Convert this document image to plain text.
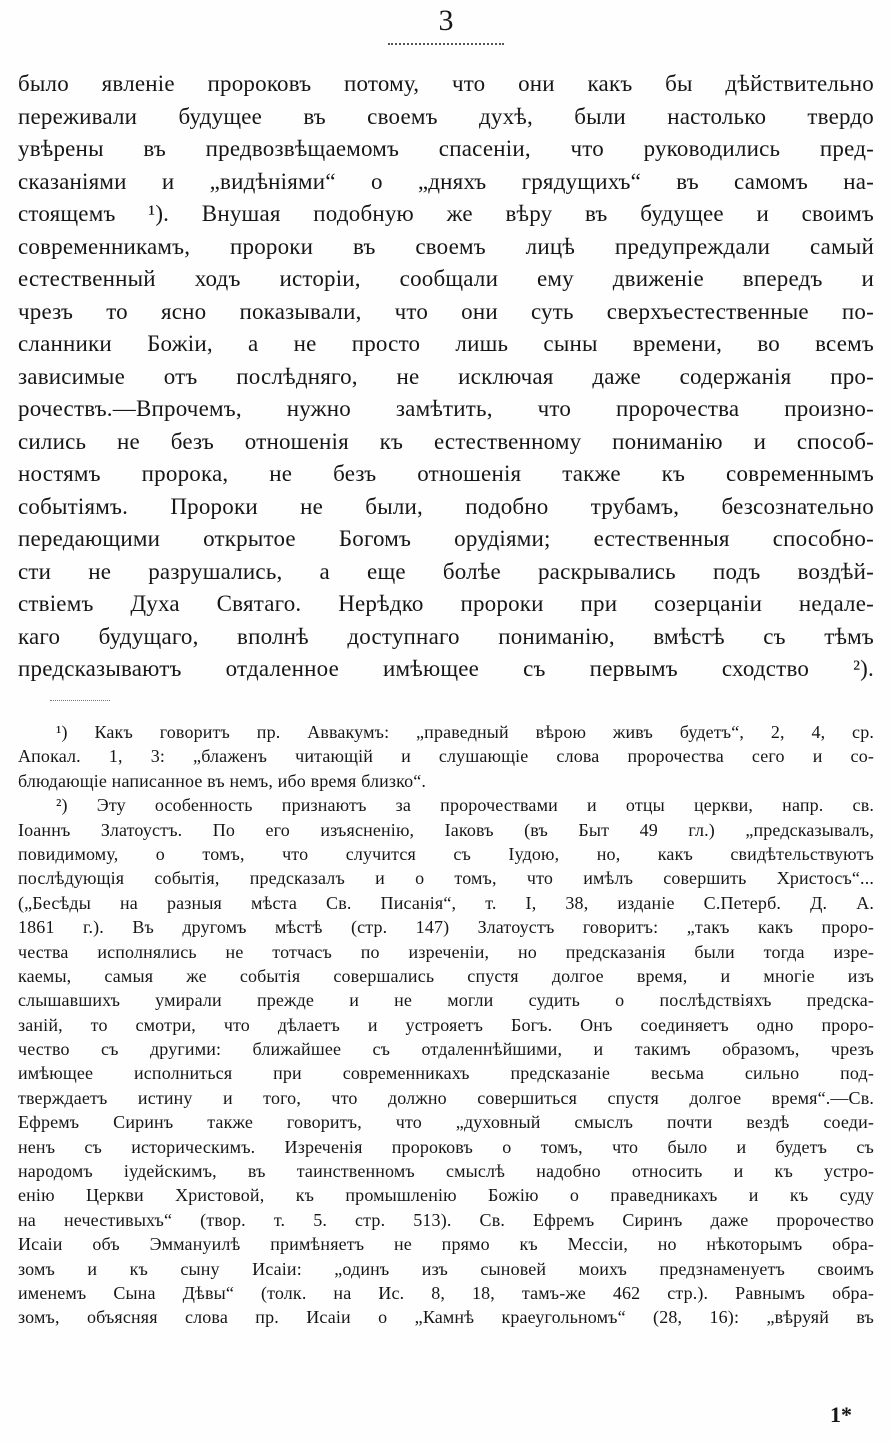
3
было явленіе пророковъ потому, что они какъ бы дѣйствительно
переживали будущее въ своемъ духѣ, были настолько твердо
увѣрены въ предвозвѣщаемомъ спасеніи, что руководились пред-
сказаніями и „видѣніями“ о „дняхъ грядущихъ“ въ самомъ на-
стоящемъ ¹). Внушая подобную же вѣру въ будущее и своимъ
современникамъ, пророки въ своемъ лицѣ предупреждали самый
естественный ходъ исторіи, сообщали ему движеніе впередъ и
чрезъ то ясно показывали, что они суть сверхъестественные по-
сланники Божіи, а не просто лишь сыны времени, во всемъ
зависимые отъ послѣдняго, не исключая даже содержанія про-
рочествъ.—Впрочемъ, нужно замѣтить, что пророчества произно-
сились не безъ отношенія къ естественному пониманію и способ-
ностямъ пророка, не безъ отношенія также къ современнымъ
событіямъ. Пророки не были, подобно трубамъ, безсознательно
передающими открытое Богомъ орудіями; естественныя способно-
сти не разрушались, а еще болѣе раскрывались подъ воздѣй-
ствіемъ Духа Святаго. Нерѣдко пророки при созерцаніи недале-
каго будущаго, вполнѣ доступнаго пониманію, вмѣстѣ съ тѣмъ
предсказываютъ отдаленное имѣющее съ первымъ сходство ²).
¹) Какъ говоритъ пр. Аввакумъ: „праведный вѣрою живъ будетъ“, 2, 4, ср.
Апокал. 1, 3: „блаженъ читающій и слушающіе слова пророчества сего и со-
блюдающіе написанное въ немъ, ибо время близко“.
²) Эту особенность признаютъ за пророчествами и отцы церкви, напр. св.
Іоаннъ Златоустъ. По его изъясненію, Іаковъ (въ Быт 49 гл.) „предсказывалъ,
повидимому, о томъ, что случится съ Іудою, но, какъ свидѣтельствуютъ
послѣдующія событія, предсказалъ и о томъ, что имѣлъ совершить Христосъ“...
(„Бесѣды на разныя мѣста Св. Писанія“, т. I, 38, изданіе С.Петерб. Д. А.
1861 г.). Въ другомъ мѣстѣ (стр. 147) Златоустъ говоритъ: „такъ какъ проро-
чества исполнялись не тотчасъ по изреченіи, но предсказанія были тогда изре-
каемы, самыя же событія совершались спустя долгое время, и многіе изъ
слышавшихъ умирали прежде и не могли судить о послѣдствіяхъ предска-
заній, то смотри, что дѣлаетъ и устрояетъ Богъ. Онъ соединяетъ одно проро-
чество съ другими: ближайшее съ отдаленнѣйшими, и такимъ образомъ, чрезъ
имѣющее исполниться при современникахъ предсказаніе весьма сильно под-
тверждаетъ истину и того, что должно совершиться спустя долгое время“.—Св.
Ефремъ Сиринъ также говоритъ, что „духовный смыслъ почти вездѣ соеди-
ненъ съ историческимъ. Изреченія пророковъ о томъ, что было и будетъ съ
народомъ іудейскимъ, въ таинственномъ смыслѣ надобно относить и къ устро-
енію Церкви Христовой, къ промышленію Божію о праведникахъ и къ суду
на нечестивыхъ“ (твор. т. 5. стр. 513). Св. Ефремъ Сиринъ даже пророчество
Исаіи объ Эммануилѣ примѣняетъ не прямо къ Мессіи, но нѣкоторымъ обра-
зомъ и къ сыну Исаіи: „одинъ изъ сыновей моихъ предзнаменуетъ своимъ
именемъ Сына Дѣвы“ (толк. на Ис. 8, 18, тамъ-же 462 стр.). Равнымъ обра-
зомъ, объясняя слова пр. Исаіи о „Камнѣ краеугольномъ“ (28, 16): „вѣруяй въ
1*
